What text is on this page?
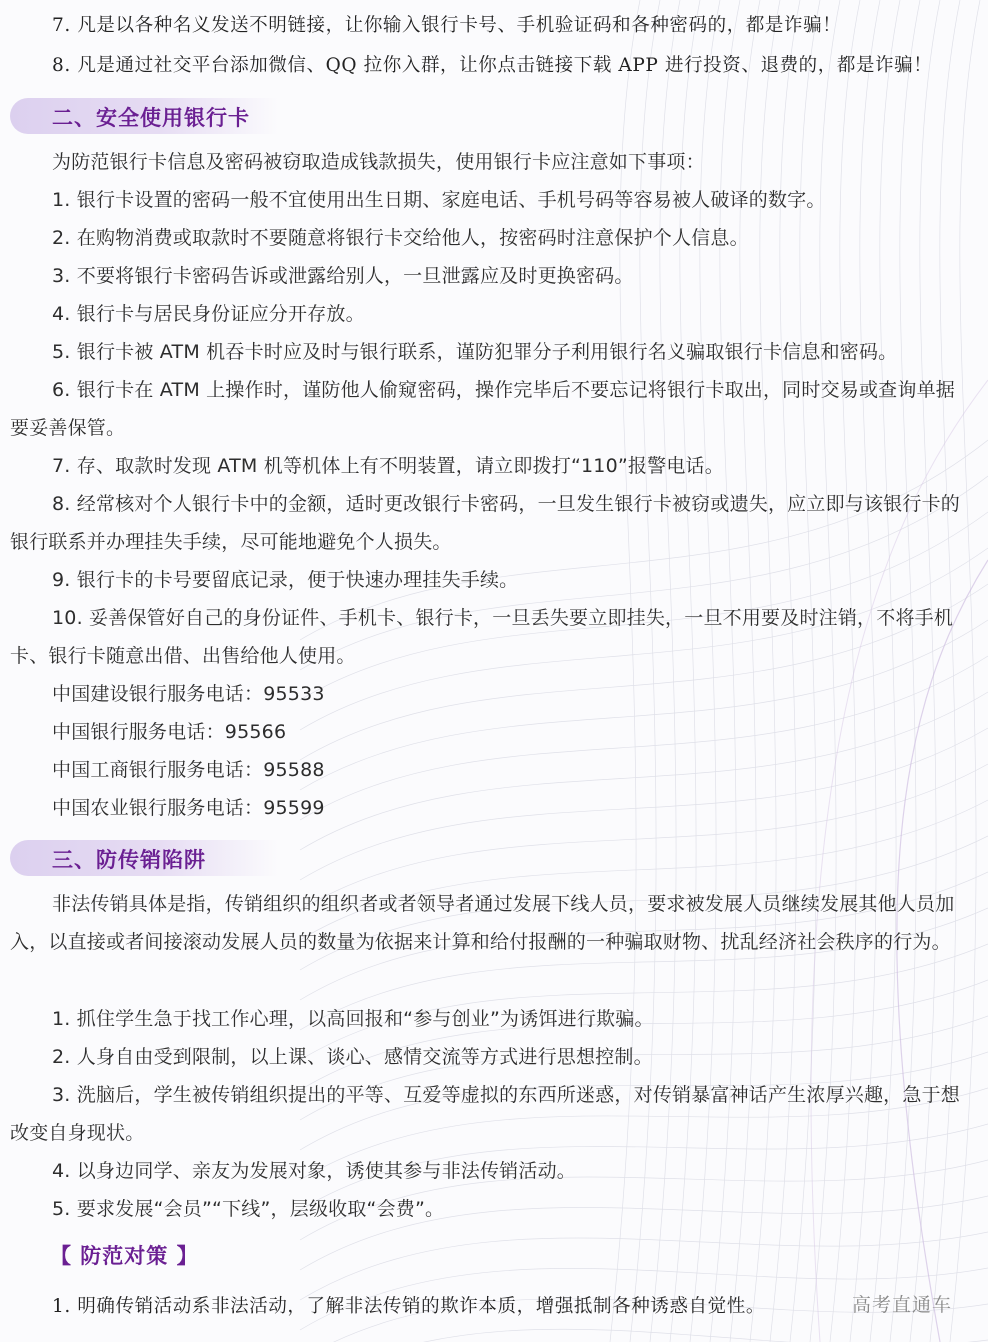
7. 凡是以各种名义发送不明链接，让你输入银行卡号、手机验证码和各种密码的，都是诈骗！
8. 凡是通过社交平台添加微信、QQ 拉你入群，让你点击链接下载 APP 进行投资、退费的，都是诈骗！
二、安全使用银行卡
为防范银行卡信息及密码被窃取造成钱款损失，使用银行卡应注意如下事项：
1. 银行卡设置的密码一般不宜使用出生日期、家庭电话、手机号码等容易被人破译的数字。
2. 在购物消费或取款时不要随意将银行卡交给他人，按密码时注意保护个人信息。
3. 不要将银行卡密码告诉或泄露给别人，一旦泄露应及时更换密码。
4. 银行卡与居民身份证应分开存放。
5. 银行卡被 ATM 机吞卡时应及时与银行联系，谨防犯罪分子利用银行名义骗取银行卡信息和密码。
6. 银行卡在 ATM 上操作时，谨防他人偷窥密码，操作完毕后不要忘记将银行卡取出，同时交易或查询单据要妥善保管。
7. 存、取款时发现 ATM 机等机体上有不明装置，请立即拨打“110”报警电话。
8. 经常核对个人银行卡中的金额，适时更改银行卡密码，一旦发生银行卡被窃或遗失，应立即与该银行卡的银行联系并办理挂失手续，尽可能地避免个人损失。
9. 银行卡的卡号要留底记录，便于快速办理挂失手续。
10. 妥善保管好自己的身份证件、手机卡、银行卡，一旦丢失要立即挂失，一旦不用要及时注销，不将手机卡、银行卡随意出借、出售给他人使用。
中国建设银行服务电话：95533
中国银行服务电话：95566
中国工商银行服务电话：95588
中国农业银行服务电话：95599
三、防传销陷阱
非法传销具体是指，传销组织的组织者或者领导者通过发展下线人员，要求被发展人员继续发展其他人员加入，以直接或者间接滚动发展人员的数量为依据来计算和给付报酬的一种骗取财物、扰乱经济社会秩序的行为。
1. 抓住学生急于找工作心理，以高回报和“参与创业”为诱饵进行欺骗。
2. 人身自由受到限制，以上课、谈心、感情交流等方式进行思想控制。
3. 洗脑后，学生被传销组织提出的平等、互爱等虚拟的东西所迷惑，对传销暴富神话产生浓厚兴趣，急于想改变自身现状。
4. 以身边同学、亲友为发展对象，诱使其参与非法传销活动。
5. 要求发展“会员”“下线”，层级收取“会费”。
【 防范对策 】
1. 明确传销活动系非法活动，了解非法传销的欺诈本质，增强抵制各种诱惑自觉性。	高考直通车
